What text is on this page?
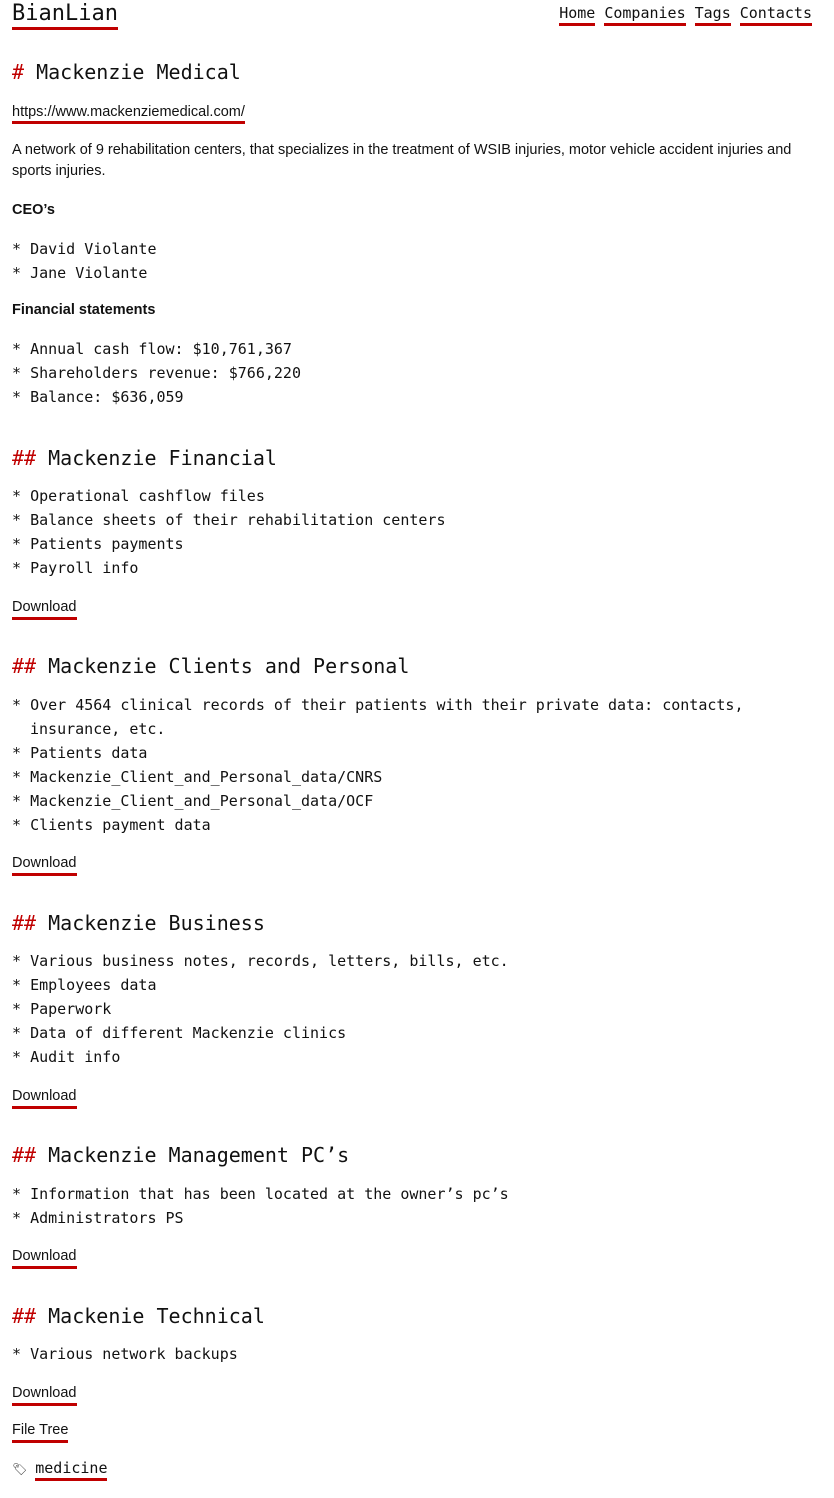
BianLian	Home Companies Tags Contacts
# Mackenzie Medical
https://www.mackenziemedical.com/
A network of 9 rehabilitation centers, that specializes in the treatment of WSIB injuries, motor vehicle accident injuries and sports injuries.
CEO’s
* David Violante
* Jane Violante
Financial statements
* Annual cash flow: $10,761,367
* Shareholders revenue: $766,220
* Balance: $636,059
## Mackenzie Financial
* Operational cashflow files
* Balance sheets of their rehabilitation centers
* Patients payments
* Payroll info
Download
## Mackenzie Clients and Personal
* Over 4564 clinical records of their patients with their private data: contacts, insurance, etc.
* Patients data
* Mackenzie_Client_and_Personal_data/CNRS
* Mackenzie_Client_and_Personal_data/OCF
* Clients payment data
Download
## Mackenzie Business
* Various business notes, records, letters, bills, etc.
* Employees data
* Paperwork
* Data of different Mackenzie clinics
* Audit info
Download
## Mackenzie Management PC’s
* Information that has been located at the owner’s pc’s
* Administrators PS
Download
## Mackenie Technical
* Various network backups
Download
File Tree
🏷 medicine
